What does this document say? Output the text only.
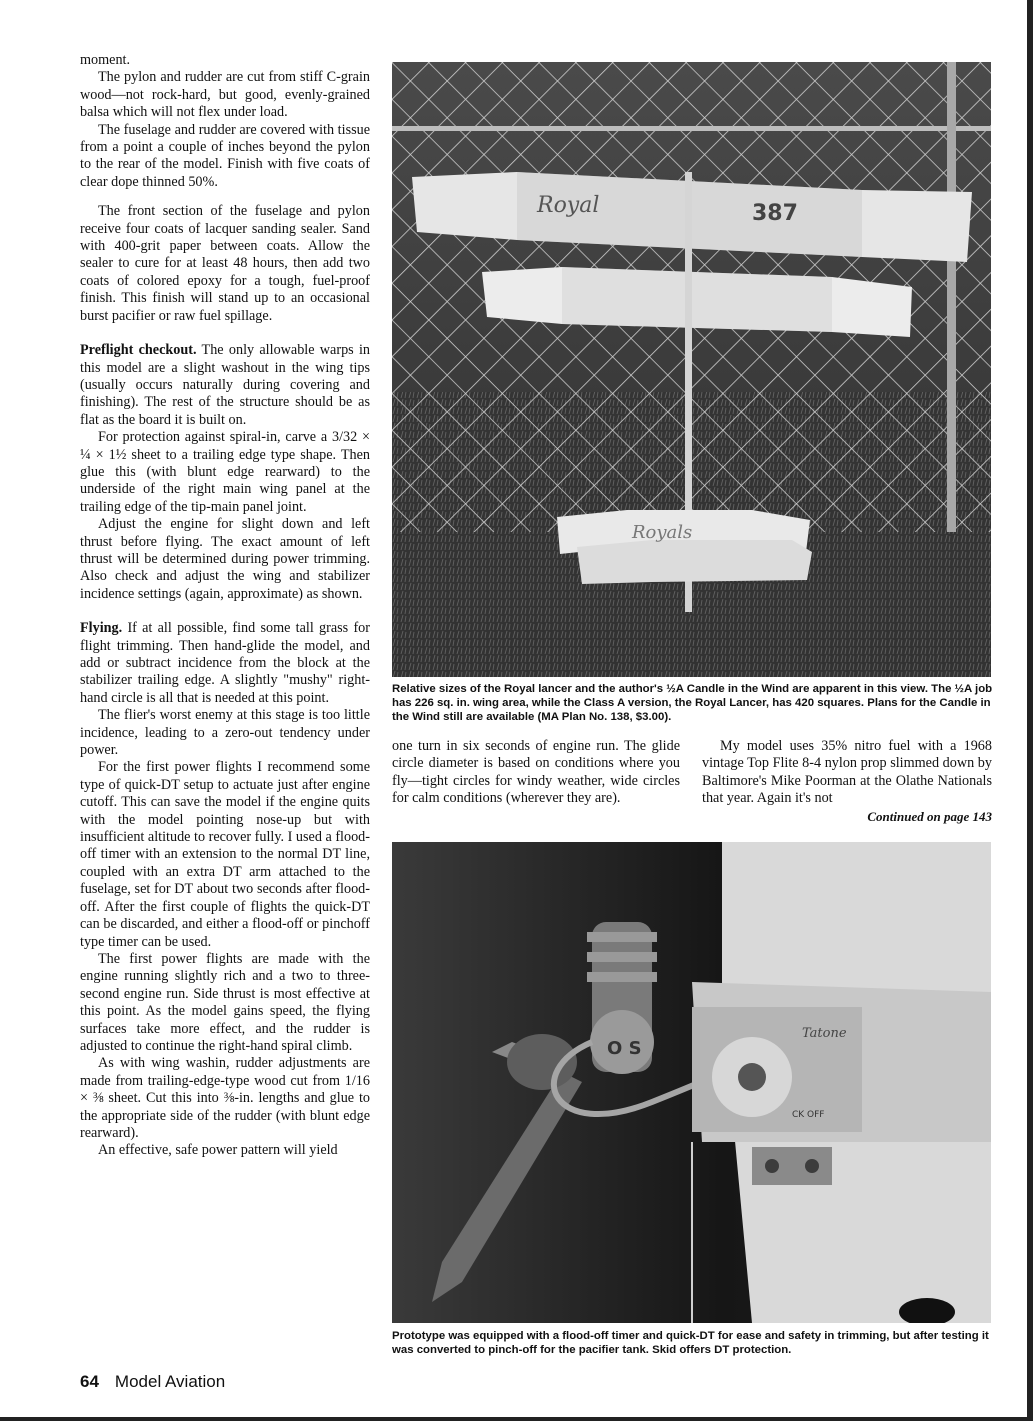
moment.

The pylon and rudder are cut from stiff C-grain wood—not rock-hard, but good, evenly-grained balsa which will not flex under load.

The fuselage and rudder are covered with tissue from a point a couple of inches beyond the pylon to the rear of the model. Finish with five coats of clear dope thinned 50%.

The front section of the fuselage and pylon receive four coats of lacquer sanding sealer. Sand with 400-grit paper between coats. Allow the sealer to cure for at least 48 hours, then add two coats of colored epoxy for a tough, fuel-proof finish. This finish will stand up to an occasional burst pacifier or raw fuel spillage.

Preflight checkout. The only allowable warps in this model are a slight washout in the wing tips (usually occurs naturally during covering and finishing). The rest of the structure should be as flat as the board it is built on.

For protection against spiral-in, carve a 3/32 × ¼ × 1½ sheet to a trailing edge type shape. Then glue this (with blunt edge rearward) to the underside of the right main wing panel at the trailing edge of the tip-main panel joint.

Adjust the engine for slight down and left thrust before flying. The exact amount of left thrust will be determined during power trimming. Also check and adjust the wing and stabilizer incidence settings (again, approximate) as shown.

Flying. If at all possible, find some tall grass for flight trimming. Then hand-glide the model, and add or subtract incidence from the block at the stabilizer trailing edge. A slightly "mushy" right-hand circle is all that is needed at this point.

The flier's worst enemy at this stage is too little incidence, leading to a zero-out tendency under power.

For the first power flights I recommend some type of quick-DT setup to actuate just after engine cutoff. This can save the model if the engine quits with the model pointing nose-up but with insufficient altitude to recover fully. I used a flood-off timer with an extension to the normal DT line, coupled with an extra DT arm attached to the fuselage, set for DT about two seconds after flood-off. After the first couple of flights the quick-DT can be discarded, and either a flood-off or pinchoff type timer can be used.

The first power flights are made with the engine running slightly rich and a two to three-second engine run. Side thrust is most effective at this point. As the model gains speed, the flying surfaces take more effect, and the rudder is adjusted to continue the right-hand spiral climb.

As with wing washin, rudder adjustments are made from trailing-edge-type wood cut from 1/16 × ⅜ sheet. Cut this into ⅜-in. lengths and glue to the appropriate side of the rudder (with blunt edge rearward).

An effective, safe power pattern will yield

Royal	387
Royals
Relative sizes of the Royal lancer and the author's ½A Candle in the Wind are apparent in this view. The ½A job has 226 sq. in. wing area, while the Class A version, the Royal Lancer, has 420 squares. Plans for the Candle in the Wind still are available (MA Plan No. 138, $3.00).

one turn in six seconds of engine run. The glide circle diameter is based on conditions where you fly—tight circles for windy weather, wide circles for calm conditions (wherever they are).

My model uses 35% nitro fuel with a 1968 vintage Top Flite 8-4 nylon prop slimmed down by Baltimore's Mike Poorman at the Olathe Nationals that year. Again it's not

Continued on page 143
O S
Tatone
CK OFF
Prototype was equipped with a flood-off timer and quick-DT for ease and safety in trimming, but after testing it was converted to pinch-off for the pacifier tank. Skid offers DT protection.
64 Model Aviation
